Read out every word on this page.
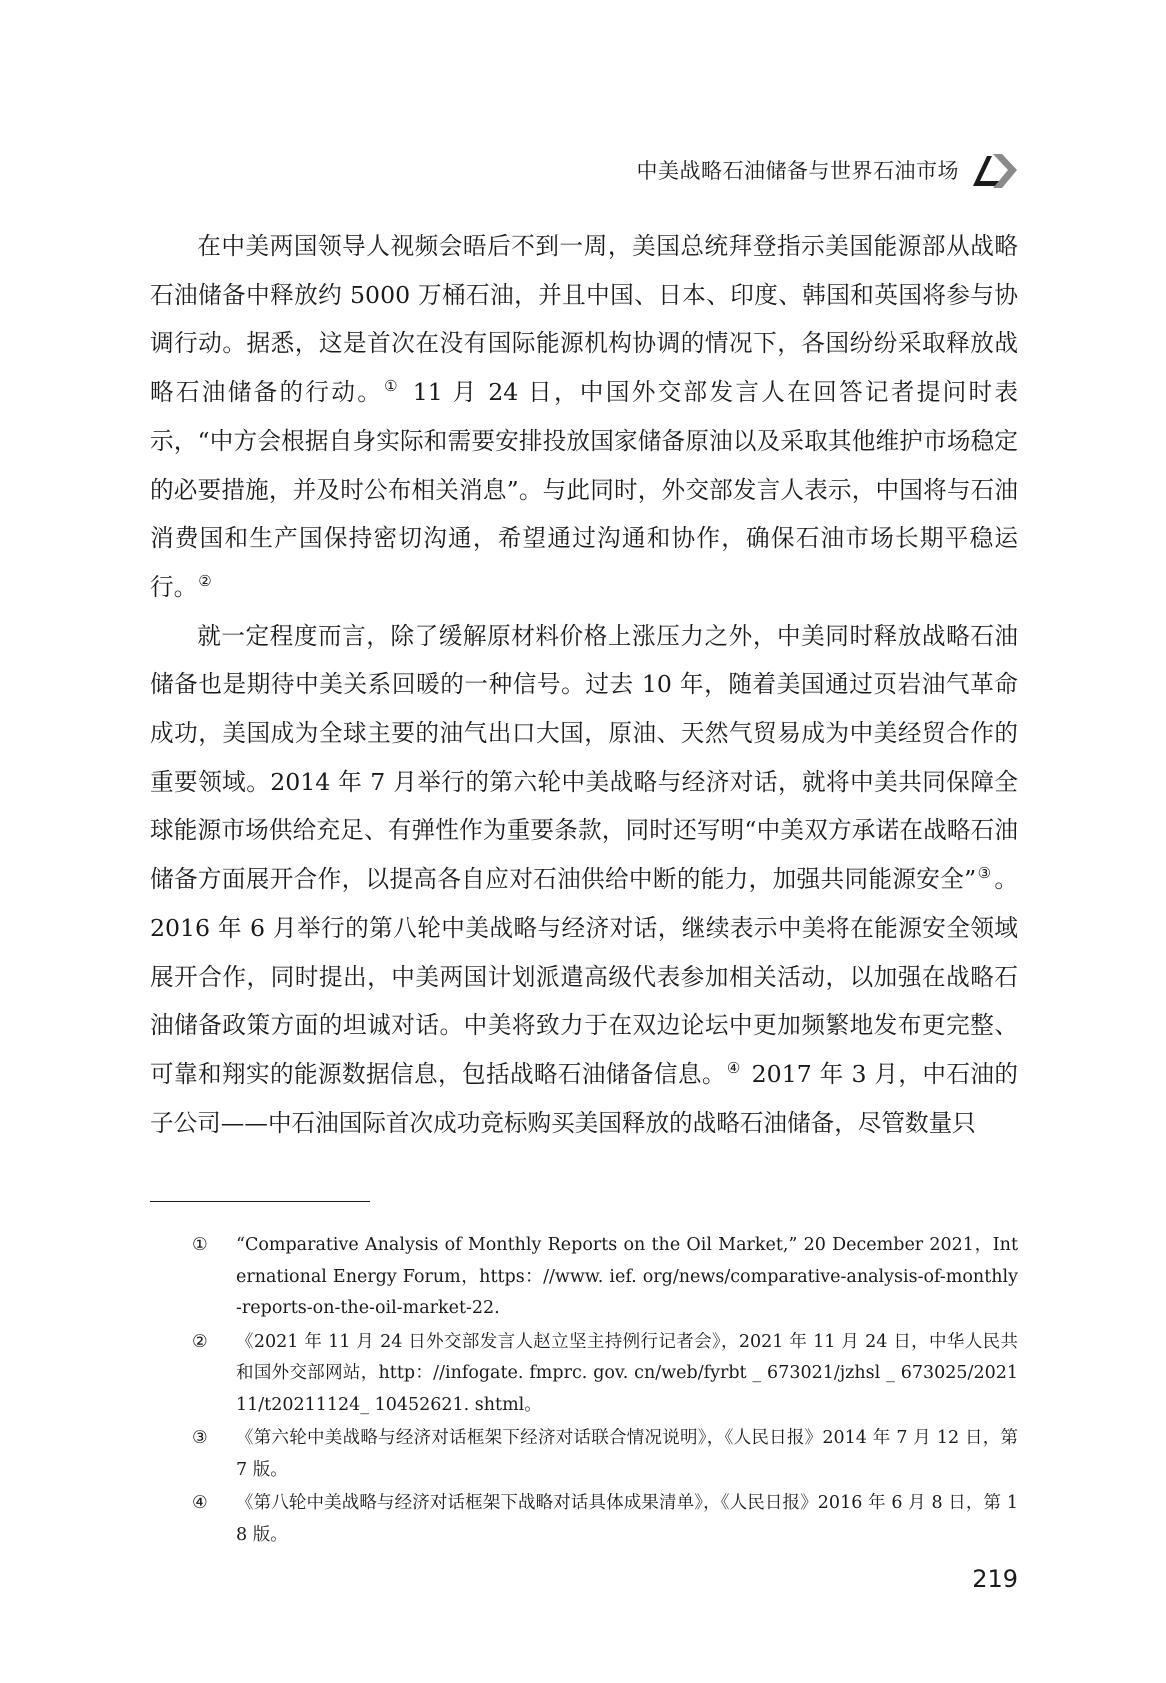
中美战略石油储备与世界石油市场

在中美两国领导人视频会晤后不到一周，美国总统拜登指示美国能源部从战略石油储备中释放约 5000 万桶石油，并且中国、日本、印度、韩国和英国将参与协调行动。据悉，这是首次在没有国际能源机构协调的情况下，各国纷纷采取释放战略石油储备的行动。① 11 月 24 日，中国外交部发言人在回答记者提问时表示，“中方会根据自身实际和需要安排投放国家储备原油以及采取其他维护市场稳定的必要措施，并及时公布相关消息”。与此同时，外交部发言人表示，中国将与石油消费国和生产国保持密切沟通，希望通过沟通和协作，确保石油市场长期平稳运行。②

就一定程度而言，除了缓解原材料价格上涨压力之外，中美同时释放战略石油储备也是期待中美关系回暖的一种信号。过去 10 年，随着美国通过页岩油气革命成功，美国成为全球主要的油气出口大国，原油、天然气贸易成为中美经贸合作的重要领域。2014 年 7 月举行的第六轮中美战略与经济对话，就将中美共同保障全球能源市场供给充足、有弹性作为重要条款，同时还写明“中美双方承诺在战略石油储备方面展开合作，以提高各自应对石油供给中断的能力，加强共同能源安全”③ 。2016 年 6 月举行的第八轮中美战略与经济对话，继续表示中美将在能源安全领域展开合作，同时提出，中美两国计划派遣高级代表参加相关活动，以加强在战略石油储备政策方面的坦诚对话。中美将致力于在双边论坛中更加频繁地发布更完整、可靠和翔实的能源数据信息，包括战略石油储备信息。④ 2017 年 3 月，中石油的子公司——中石油国际首次成功竞标购买美国释放的战略石油储备，尽管数量只

①	“Comparative Analysis of Monthly Reports on the Oil Market,” 20 December 2021，International Energy Forum，https：//www. ief. org/news/comparative-analysis-of-monthly-reports-on-the-oil-market-22.
②	《2021 年 11 月 24 日外交部发言人赵立坚主持例行记者会》，2021 年 11 月 24 日，中华人民共和国外交部网站，http：//infogate. fmprc. gov. cn/web/fyrbt _ 673021/jzhsl _ 673025/202111/t20211124_ 10452621. shtml。
③	《第六轮中美战略与经济对话框架下经济对话联合情况说明》，《人民日报》2014 年 7 月 12 日，第 7 版。
④	《第八轮中美战略与经济对话框架下战略对话具体成果清单》，《人民日报》2016 年 6 月 8 日，第 18 版。
219
